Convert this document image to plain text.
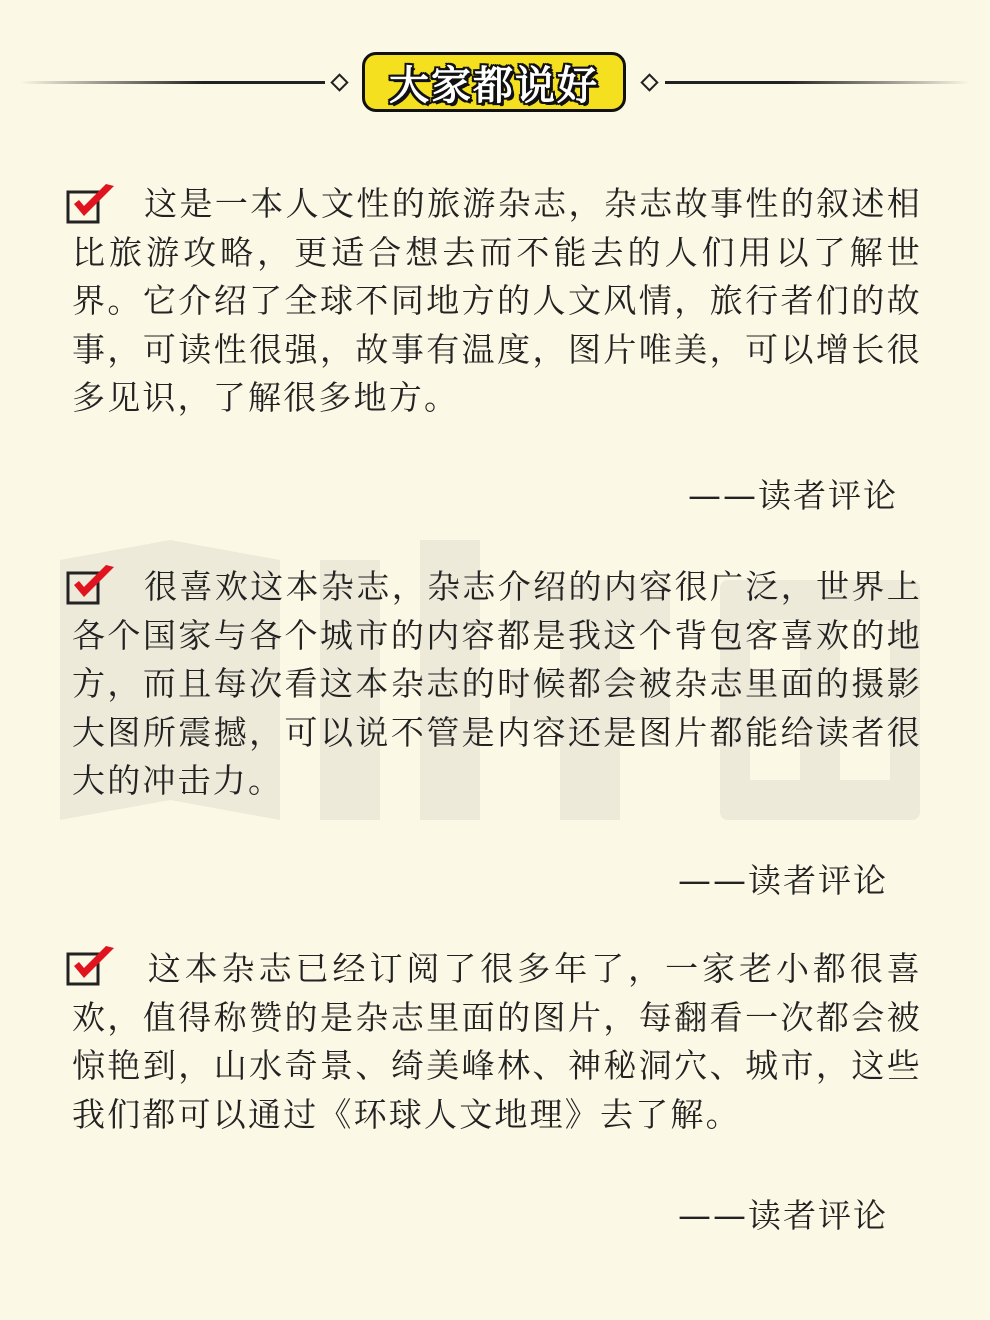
大家都说好
这是一本人文性的旅游杂志，杂志故事性的叙述相比旅游攻略，更适合想去而不能去的人们用以了解世界。它介绍了全球不同地方的人文风情，旅行者们的故事，可读性很强，故事有温度，图片唯美，可以增长很多见识，了解很多地方。
——读者评论
很喜欢这本杂志，杂志介绍的内容很广泛，世界上各个国家与各个城市的内容都是我这个背包客喜欢的地方，而且每次看这本杂志的时候都会被杂志里面的摄影大图所震撼，可以说不管是内容还是图片都能给读者很大的冲击力。
——读者评论
这本杂志已经订阅了很多年了，一家老小都很喜欢，值得称赞的是杂志里面的图片，每翻看一次都会被惊艳到，山水奇景、绮美峰林、神秘洞穴、城市，这些我们都可以通过《环球人文地理》去了解。
——读者评论
